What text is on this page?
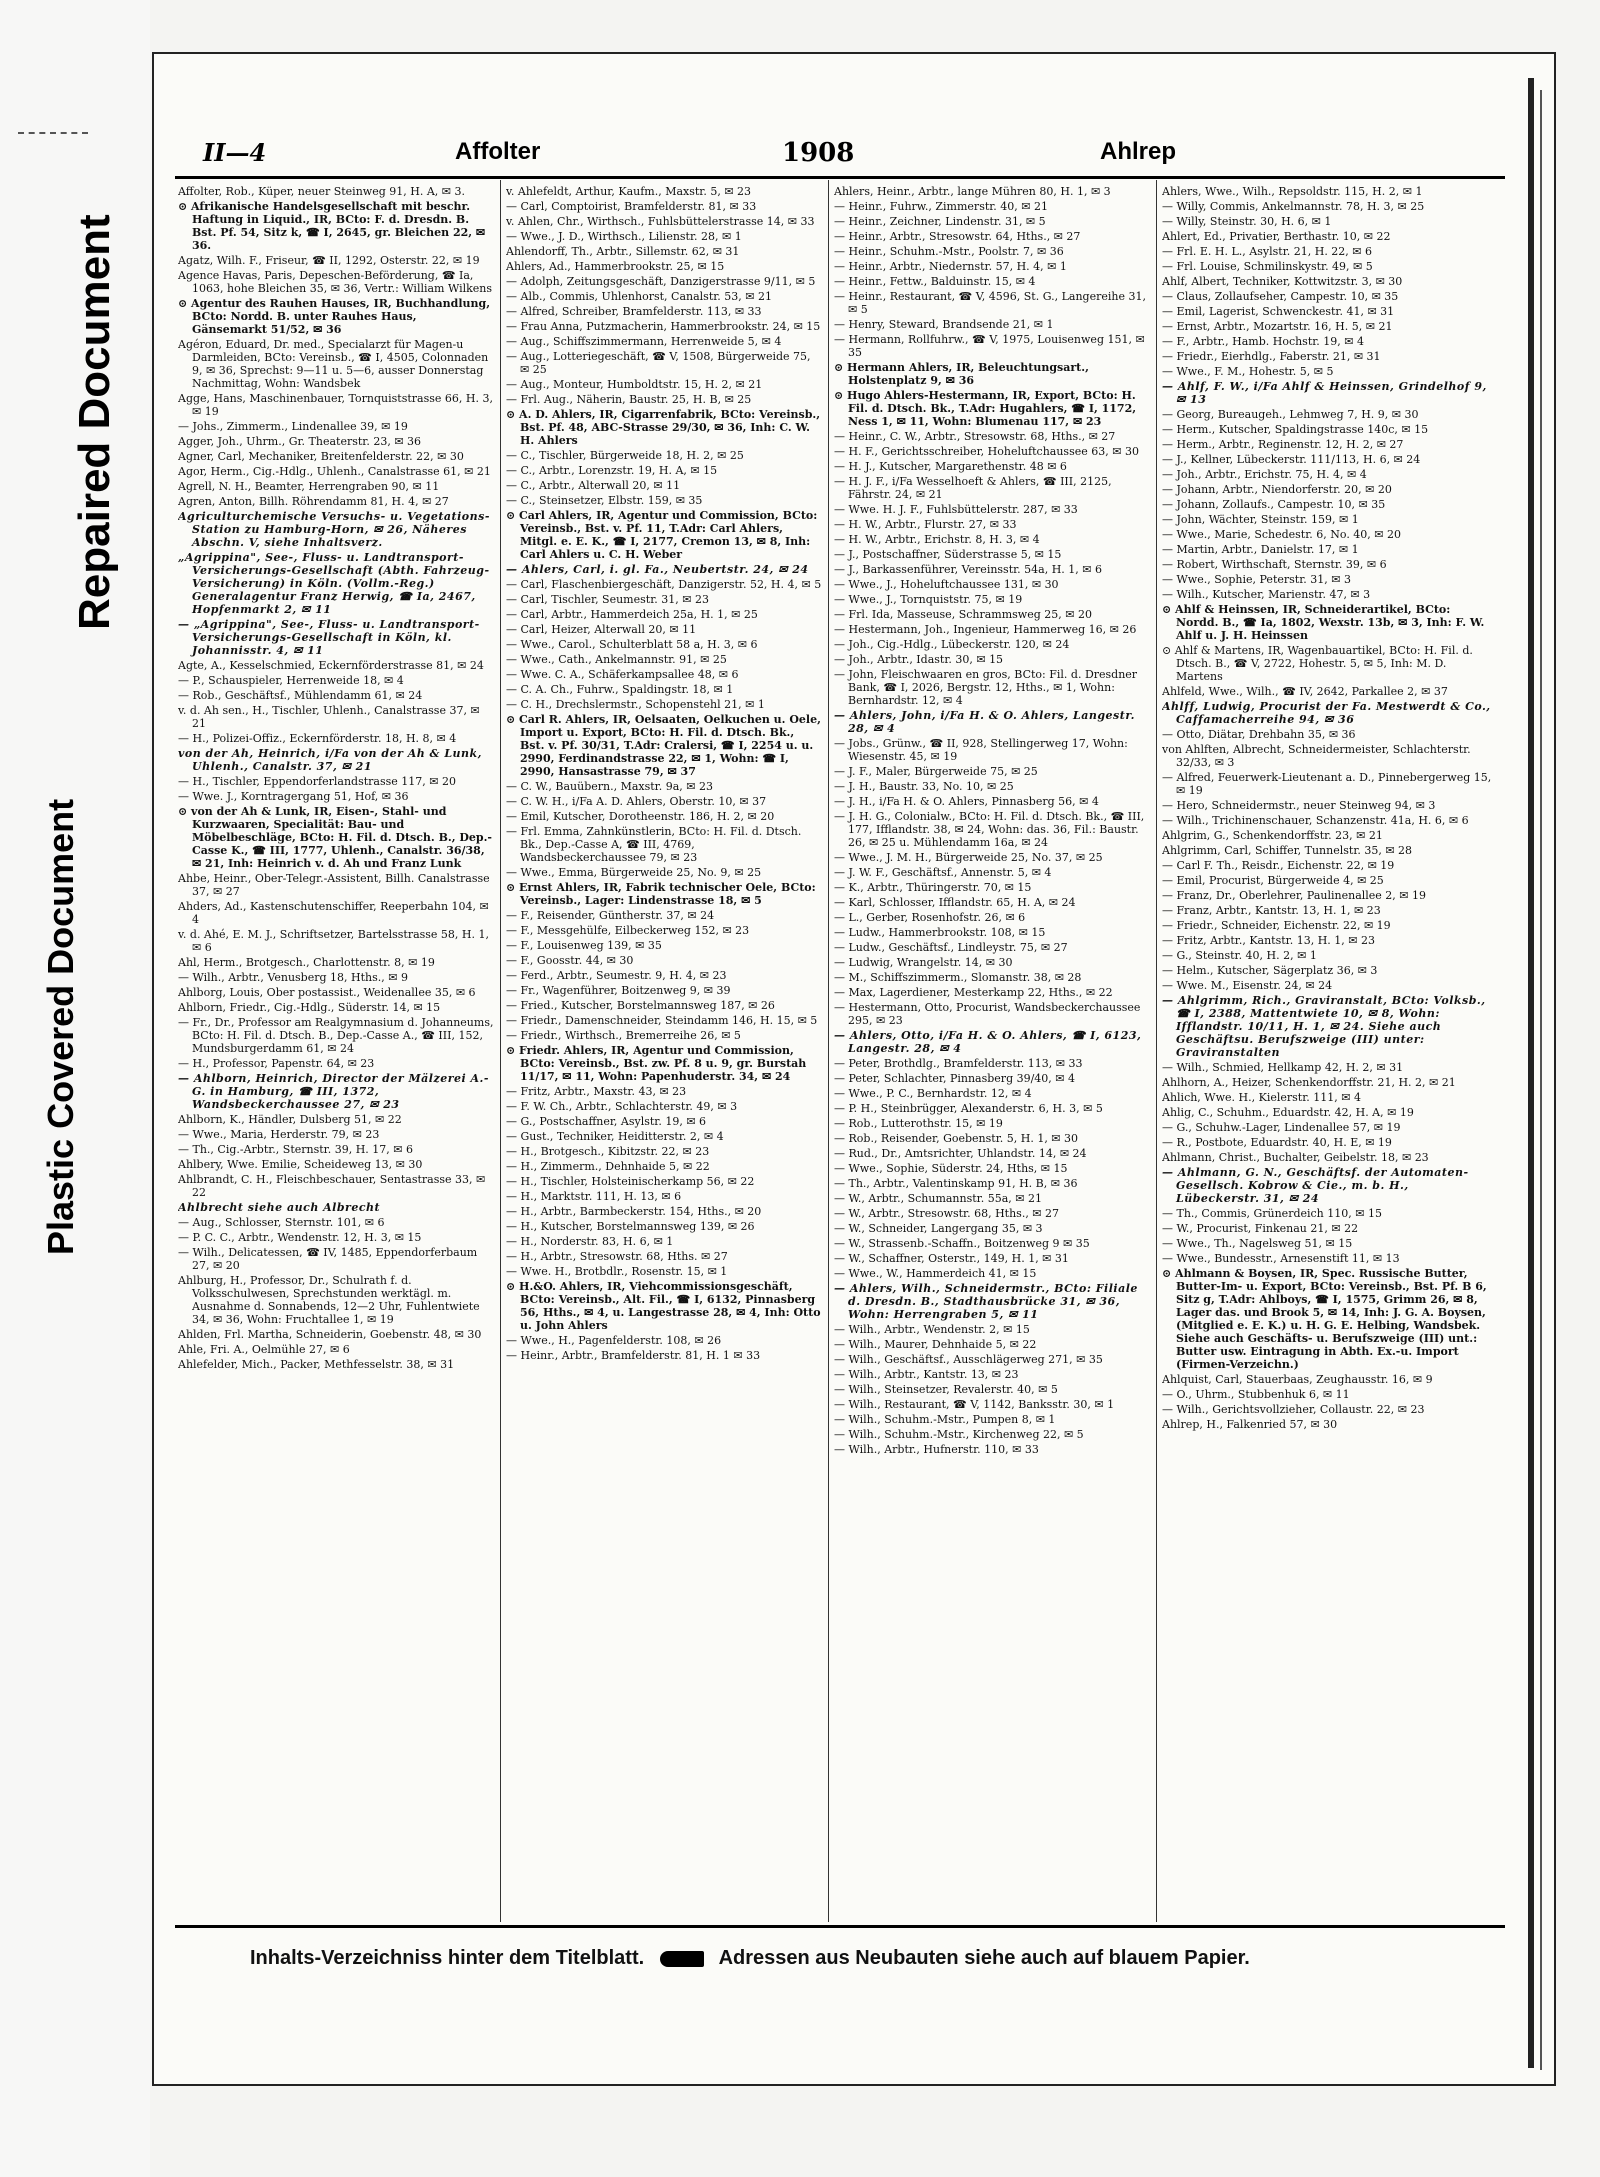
Repaired Document
Plastic Covered Document
II—4	Affolter	1908	Ahlrep
Affolter, Rob., Küper, neuer Steinweg 91, H. A, ✉ 3.
⊙ Afrikanische Handelsgesellschaft mit beschr. Haftung in Liquid., IR, BCto: F. d. Dresdn. B. Bst. Pf. 54, Sitz k, ☎ I, 2645, gr. Bleichen 22, ✉ 36.
Agatz, Wilh. F., Friseur, ☎ II, 1292, Osterstr. 22, ✉ 19
Agence Havas, Paris, Depeschen-Beförderung, ☎ Ia, 1063, hohe Bleichen 35, ✉ 36, Vertr.: William Wilkens
⊙ Agentur des Rauhen Hauses, IR, Buchhandlung, BCto: Nordd. B. unter Rauhes Haus, Gänsemarkt 51/52, ✉ 36
Agéron, Eduard, Dr. med., Specialarzt für Magen-u Darmleiden, BCto: Vereinsb., ☎ I, 4505, Colonnaden 9, ✉ 36, Sprechst: 9—11 u. 5—6, ausser Donnerstag Nachmittag, Wohn: Wandsbek
Agge, Hans, Maschinenbauer, Tornquiststrasse 66, H. 3, ✉ 19
— Johs., Zimmerm., Lindenallee 39, ✉ 19
Agger, Joh., Uhrm., Gr. Theaterstr. 23, ✉ 36
Agner, Carl, Mechaniker, Breitenfelderstr. 22, ✉ 30
Agor, Herm., Cig.-Hdlg., Uhlenh., Canalstrasse 61, ✉ 21
Agrell, N. H., Beamter, Herrengraben 90, ✉ 11
Agren, Anton, Billh. Röhrendamm 81, H. 4, ✉ 27
Agriculturchemische Versuchs- u. Vegetations-Station zu Hamburg-Horn, ✉ 26, Näheres Abschn. V, siehe Inhaltsverz.
„Agrippina", See-, Fluss- u. Landtransport-Versicherungs-Gesellschaft (Abth. Fahrzeug-Versicherung) in Köln. (Vollm.-Reg.) Generalagentur Franz Herwig, ☎ Ia, 2467, Hopfenmarkt 2, ✉ 11
— „Agrippina", See-, Fluss- u. Landtransport-Versicherungs-Gesellschaft in Köln, kl. Johannisstr. 4, ✉ 11
Agte, A., Kesselschmied, Eckernförderstrasse 81, ✉ 24
— P., Schauspieler, Herrenweide 18, ✉ 4
— Rob., Geschäftsf., Mühlendamm 61, ✉ 24
v. d. Ah sen., H., Tischler, Uhlenh., Canalstrasse 37, ✉ 21
— H., Polizei-Offiz., Eckernförderstr. 18, H. 8, ✉ 4
von der Ah, Heinrich, i/Fa von der Ah & Lunk, Uhlenh., Canalstr. 37, ✉ 21
— H., Tischler, Eppendorferlandstrasse 117, ✉ 20
— Wwe. J., Korntragergang 51, Hof, ✉ 36
⊙ von der Ah & Lunk, IR, Eisen-, Stahl- und Kurzwaaren, Specialität: Bau- und Möbelbeschläge, BCto: H. Fil. d. Dtsch. B., Dep.-Casse K., ☎ III, 1777, Uhlenh., Canalstr. 36/38, ✉ 21, Inh: Heinrich v. d. Ah und Franz Lunk
Ahbe, Heinr., Ober-Telegr.-Assistent, Billh. Canalstrasse 37, ✉ 27
Ahders, Ad., Kastenschutenschiffer, Reeperbahn 104, ✉ 4
v. d. Ahé, E. M. J., Schriftsetzer, Bartelsstrasse 58, H. 1, ✉ 6
Ahl, Herm., Brotgesch., Charlottenstr. 8, ✉ 19
— Wilh., Arbtr., Venusberg 18, Hths., ✉ 9
Ahlborg, Louis, Ober postassist., Weidenallee 35, ✉ 6
Ahlborn, Friedr., Cig.-Hdlg., Süderstr. 14, ✉ 15
— Fr., Dr., Professor am Realgymnasium d. Johanneums, BCto: H. Fil. d. Dtsch. B., Dep.-Casse A., ☎ III, 152, Mundsburgerdamm 61, ✉ 24
— H., Professor, Papenstr. 64, ✉ 23
— Ahlborn, Heinrich, Director der Mälzerei A.-G. in Hamburg, ☎ III, 1372, Wandsbeckerchaussee 27, ✉ 23
Ahlborn, K., Händler, Dulsberg 51, ✉ 22
— Wwe., Maria, Herderstr. 79, ✉ 23
— Th., Cig.-Arbtr., Sternstr. 39, H. 17, ✉ 6
Ahlbery, Wwe. Emilie, Scheideweg 13, ✉ 30
Ahlbrandt, C. H., Fleischbeschauer, Sentastrasse 33, ✉ 22
Ahlbrecht siehe auch Albrecht
— Aug., Schlosser, Sternstr. 101, ✉ 6
— P. C. C., Arbtr., Wendenstr. 12, H. 3, ✉ 15
— Wilh., Delicatessen, ☎ IV, 1485, Eppendorferbaum 27, ✉ 20
Ahlburg, H., Professor, Dr., Schulrath f. d. Volksschulwesen, Sprechstunden werktägl. m. Ausnahme d. Sonnabends, 12—2 Uhr, Fuhlentwiete 34, ✉ 36, Wohn: Fruchtallee 1, ✉ 19
Ahlden, Frl. Martha, Schneiderin, Goebenstr. 48, ✉ 30
Ahle, Fri. A., Oelmühle 27, ✉ 6
Ahlefelder, Mich., Packer, Methfesselstr. 38, ✉ 31
v. Ahlefeldt, Arthur, Kaufm., Maxstr. 5, ✉ 23
— Carl, Comptoirist, Bramfelderstr. 81, ✉ 33
v. Ahlen, Chr., Wirthsch., Fuhlsbüttelerstrasse 14, ✉ 33
— Wwe., J. D., Wirthsch., Lilienstr. 28, ✉ 1
Ahlendorff, Th., Arbtr., Sillemstr. 62, ✉ 31
Ahlers, Ad., Hammerbrookstr. 25, ✉ 15
— Adolph, Zeitungsgeschäft, Danzigerstrasse 9/11, ✉ 5
— Alb., Commis, Uhlenhorst, Canalstr. 53, ✉ 21
— Alfred, Schreiber, Bramfelderstr. 113, ✉ 33
— Frau Anna, Putzmacherin, Hammerbrookstr. 24, ✉ 15
— Aug., Schiffszimmermann, Herrenweide 5, ✉ 4
— Aug., Lotteriegeschäft, ☎ V, 1508, Bürgerweide 75, ✉ 25
— Aug., Monteur, Humboldtstr. 15, H. 2, ✉ 21
— Frl. Aug., Näherin, Baustr. 25, H. B, ✉ 25
⊙ A. D. Ahlers, IR, Cigarrenfabrik, BCto: Vereinsb., Bst. Pf. 48, ABC-Strasse 29/30, ✉ 36, Inh: C. W. H. Ahlers
— C., Tischler, Bürgerweide 18, H. 2, ✉ 25
— C., Arbtr., Lorenzstr. 19, H. A, ✉ 15
— C., Arbtr., Alterwall 20, ✉ 11
— C., Steinsetzer, Elbstr. 159, ✉ 35
⊙ Carl Ahlers, IR, Agentur und Commission, BCto: Vereinsb., Bst. v. Pf. 11, T.Adr: Carl Ahlers, Mitgl. e. E. K., ☎ I, 2177, Cremon 13, ✉ 8, Inh: Carl Ahlers u. C. H. Weber
— Ahlers, Carl, i. gl. Fa., Neubertstr. 24, ✉ 24
— Carl, Flaschenbiergeschäft, Danzigerstr. 52, H. 4, ✉ 5
— Carl, Tischler, Seumestr. 31, ✉ 23
— Carl, Arbtr., Hammerdeich 25a, H. 1, ✉ 25
— Carl, Heizer, Alterwall 20, ✉ 11
— Wwe., Carol., Schulterblatt 58 a, H. 3, ✉ 6
— Wwe., Cath., Ankelmannstr. 91, ✉ 25
— Wwe. C. A., Schäferkampsallee 48, ✉ 6
— C. A. Ch., Fuhrw., Spaldingstr. 18, ✉ 1
— C. H., Drechslermstr., Schopenstehl 21, ✉ 1
⊙ Carl R. Ahlers, IR, Oelsaaten, Oelkuchen u. Oele, Import u. Export, BCto: H. Fil. d. Dtsch. Bk., Bst. v. Pf. 30/31, T.Adr: Cralersi, ☎ I, 2254 u. u. 2990, Ferdinandstrasse 22, ✉ 1, Wohn: ☎ I, 2990, Hansastrasse 79, ✉ 37
— C. W., Bauübern., Maxstr. 9a, ✉ 23
— C. W. H., i/Fa A. D. Ahlers, Oberstr. 10, ✉ 37
— Emil, Kutscher, Dorotheenstr. 186, H. 2, ✉ 20
— Frl. Emma, Zahnkünstlerin, BCto: H. Fil. d. Dtsch. Bk., Dep.-Casse A, ☎ III, 4769, Wandsbeckerchaussee 79, ✉ 23
— Wwe., Emma, Bürgerweide 25, No. 9, ✉ 25
⊙ Ernst Ahlers, IR, Fabrik technischer Oele, BCto: Vereinsb., Lager: Lindenstrasse 18, ✉ 5
— F., Reisender, Güntherstr. 37, ✉ 24
— F., Messgehülfe, Eilbeckerweg 152, ✉ 23
— F., Louisenweg 139, ✉ 35
— F., Goosstr. 44, ✉ 30
— Ferd., Arbtr., Seumestr. 9, H. 4, ✉ 23
— Fr., Wagenführer, Boitzenweg 9, ✉ 39
— Fried., Kutscher, Borstelmannsweg 187, ✉ 26
— Friedr., Damenschneider, Steindamm 146, H. 15, ✉ 5
— Friedr., Wirthsch., Bremerreihe 26, ✉ 5
⊙ Friedr. Ahlers, IR, Agentur und Commission, BCto: Vereinsb., Bst. zw. Pf. 8 u. 9, gr. Burstah 11/17, ✉ 11, Wohn: Papenhuderstr. 34, ✉ 24
— Fritz, Arbtr., Maxstr. 43, ✉ 23
— F. W. Ch., Arbtr., Schlachterstr. 49, ✉ 3
— G., Postschaffner, Asylstr. 19, ✉ 6
— Gust., Techniker, Heiditterstr. 2, ✉ 4
— H., Brotgesch., Kibitzstr. 22, ✉ 23
— H., Zimmerm., Dehnhaide 5, ✉ 22
— H., Tischler, Holsteinischerkamp 56, ✉ 22
— H., Marktstr. 111, H. 13, ✉ 6
— H., Arbtr., Barmbeckerstr. 154, Hths., ✉ 20
— H., Kutscher, Borstelmannsweg 139, ✉ 26
— H., Norderstr. 83, H. 6, ✉ 1
— H., Arbtr., Stresowstr. 68, Hths. ✉ 27
— Wwe. H., Brotbdlr., Rosenstr. 15, ✉ 1
⊙ H.&O. Ahlers, IR, Viehcommissionsgeschäft, BCto: Vereinsb., Alt. Fil., ☎ I, 6132, Pinnasberg 56, Hths., ✉ 4, u. Langestrasse 28, ✉ 4, Inh: Otto u. John Ahlers
— Wwe., H., Pagenfelderstr. 108, ✉ 26
— Heinr., Arbtr., Bramfelderstr. 81, H. 1 ✉ 33
Ahlers, Heinr., Arbtr., lange Mühren 80, H. 1, ✉ 3
— Heinr., Fuhrw., Zimmerstr. 40, ✉ 21
— Heinr., Zeichner, Lindenstr. 31, ✉ 5
— Heinr., Arbtr., Stresowstr. 64, Hths., ✉ 27
— Heinr., Schuhm.-Mstr., Poolstr. 7, ✉ 36
— Heinr., Arbtr., Niedernstr. 57, H. 4, ✉ 1
— Heinr., Fettw., Balduinstr. 15, ✉ 4
— Heinr., Restaurant, ☎ V, 4596, St. G., Langereihe 31, ✉ 5
— Henry, Steward, Brandsende 21, ✉ 1
— Hermann, Rollfuhrw., ☎ V, 1975, Louisenweg 151, ✉ 35
⊙ Hermann Ahlers, IR, Beleuchtungsart., Holstenplatz 9, ✉ 36
⊙ Hugo Ahlers-Hestermann, IR, Export, BCto: H. Fil. d. Dtsch. Bk., T.Adr: Hugahlers, ☎ I, 1172, Ness 1, ✉ 11, Wohn: Blumenau 117, ✉ 23
— Heinr., C. W., Arbtr., Stresowstr. 68, Hths., ✉ 27
— H. F., Gerichtsschreiber, Hoheluftchaussee 63, ✉ 30
— H. J., Kutscher, Margarethenstr. 48 ✉ 6
— H. J. F., i/Fa Wesselhoeft & Ahlers, ☎ III, 2125, Fährstr. 24, ✉ 21
— Wwe. H. J. F., Fuhlsbüttelerstr. 287, ✉ 33
— H. W., Arbtr., Flurstr. 27, ✉ 33
— H. W., Arbtr., Erichstr. 8, H. 3, ✉ 4
— J., Postschaffner, Süderstrasse 5, ✉ 15
— J., Barkassenführer, Vereinsstr. 54a, H. 1, ✉ 6
— Wwe., J., Hoheluftchaussee 131, ✉ 30
— Wwe., J., Tornquiststr. 75, ✉ 19
— Frl. Ida, Masseuse, Schrammsweg 25, ✉ 20
— Hestermann, Joh., Ingenieur, Hammerweg 16, ✉ 26
— Joh., Cig.-Hdlg., Lübeckerstr. 120, ✉ 24
— Joh., Arbtr., Idastr. 30, ✉ 15
— John, Fleischwaaren en gros, BCto: Fil. d. Dresdner Bank, ☎ I, 2026, Bergstr. 12, Hths., ✉ 1, Wohn: Bernhardstr. 12, ✉ 4
— Ahlers, John, i/Fa H. & O. Ahlers, Langestr. 28, ✉ 4
— Jobs., Grünw., ☎ II, 928, Stellingerweg 17, Wohn: Wiesenstr. 45, ✉ 19
— J. F., Maler, Bürgerweide 75, ✉ 25
— J. H., Baustr. 33, No. 10, ✉ 25
— J. H., i/Fa H. & O. Ahlers, Pinnasberg 56, ✉ 4
— J. H. G., Colonialw., BCto: H. Fil. d. Dtsch. Bk., ☎ III, 177, Ifflandstr. 38, ✉ 24, Wohn: das. 36, Fil.: Baustr. 26, ✉ 25 u. Mühlendamm 16a, ✉ 24
— Wwe., J. M. H., Bürgerweide 25, No. 37, ✉ 25
— J. W. F., Geschäftsf., Annenstr. 5, ✉ 4
— K., Arbtr., Thüringerstr. 70, ✉ 15
— Karl, Schlosser, Ifflandstr. 65, H. A, ✉ 24
— L., Gerber, Rosenhofstr. 26, ✉ 6
— Ludw., Hammerbrookstr. 108, ✉ 15
— Ludw., Geschäftsf., Lindleystr. 75, ✉ 27
— Ludwig, Wrangelstr. 14, ✉ 30
— M., Schiffszimmerm., Slomanstr. 38, ✉ 28
— Max, Lagerdiener, Mesterkamp 22, Hths., ✉ 22
— Hestermann, Otto, Procurist, Wandsbeckerchaussee 295, ✉ 23
— Ahlers, Otto, i/Fa H. & O. Ahlers, ☎ I, 6123, Langestr. 28, ✉ 4
— Peter, Brothdlg., Bramfelderstr. 113, ✉ 33
— Peter, Schlachter, Pinnasberg 39/40, ✉ 4
— Wwe., P. C., Bernhardstr. 12, ✉ 4
— P. H., Steinbrügger, Alexanderstr. 6, H. 3, ✉ 5
— Rob., Lutterothstr. 15, ✉ 19
— Rob., Reisender, Goebenstr. 5, H. 1, ✉ 30
— Rud., Dr., Amtsrichter, Uhlandstr. 14, ✉ 24
— Wwe., Sophie, Süderstr. 24, Hths, ✉ 15
— Th., Arbtr., Valentinskamp 91, H. B, ✉ 36
— W., Arbtr., Schumannstr. 55a, ✉ 21
— W., Arbtr., Stresowstr. 68, Hths., ✉ 27
— W., Schneider, Langergang 35, ✉ 3
— W., Strassenb.-Schaffn., Boitzenweg 9 ✉ 35
— W., Schaffner, Osterstr., 149, H. 1, ✉ 31
— Wwe., W., Hammerdeich 41, ✉ 15
— Ahlers, Wilh., Schneidermstr., BCto: Filiale d. Dresdn. B., Stadthausbrücke 31, ✉ 36, Wohn: Herrengraben 5, ✉ 11
— Wilh., Arbtr., Wendenstr. 2, ✉ 15
— Wilh., Maurer, Dehnhaide 5, ✉ 22
— Wilh., Geschäftsf., Ausschlägerweg 271, ✉ 35
— Wilh., Arbtr., Kantstr. 13, ✉ 23
— Wilh., Steinsetzer, Revalerstr. 40, ✉ 5
— Wilh., Restaurant, ☎ V, 1142, Banksstr. 30, ✉ 1
— Wilh., Schuhm.-Mstr., Pumpen 8, ✉ 1
— Wilh., Schuhm.-Mstr., Kirchenweg 22, ✉ 5
— Wilh., Arbtr., Hufnerstr. 110, ✉ 33
Ahlers, Wwe., Wilh., Repsoldstr. 115, H. 2, ✉ 1
— Willy, Commis, Ankelmannstr. 78, H. 3, ✉ 25
— Willy, Steinstr. 30, H. 6, ✉ 1
Ahlert, Ed., Privatier, Berthastr. 10, ✉ 22
— Frl. E. H. L., Asylstr. 21, H. 22, ✉ 6
— Frl. Louise, Schmilinskystr. 49, ✉ 5
Ahlf, Albert, Techniker, Kottwitzstr. 3, ✉ 30
— Claus, Zollaufseher, Campestr. 10, ✉ 35
— Emil, Lagerist, Schwenckestr. 41, ✉ 31
— Ernst, Arbtr., Mozartstr. 16, H. 5, ✉ 21
— F., Arbtr., Hamb. Hochstr. 19, ✉ 4
— Friedr., Eierhdlg., Faberstr. 21, ✉ 31
— Wwe., F. M., Hohestr. 5, ✉ 5
— Ahlf, F. W., i/Fa Ahlf & Heinssen, Grindelhof 9, ✉ 13
— Georg, Bureaugeh., Lehmweg 7, H. 9, ✉ 30
— Herm., Kutscher, Spaldingstrasse 140c, ✉ 15
— Herm., Arbtr., Reginenstr. 12, H. 2, ✉ 27
— J., Kellner, Lübeckerstr. 111/113, H. 6, ✉ 24
— Joh., Arbtr., Erichstr. 75, H. 4, ✉ 4
— Johann, Arbtr., Niendorferstr. 20, ✉ 20
— Johann, Zollaufs., Campestr. 10, ✉ 35
— John, Wächter, Steinstr. 159, ✉ 1
— Wwe., Marie, Schedestr. 6, No. 40, ✉ 20
— Martin, Arbtr., Danielstr. 17, ✉ 1
— Robert, Wirthschaft, Sternstr. 39, ✉ 6
— Wwe., Sophie, Peterstr. 31, ✉ 3
— Wilh., Kutscher, Marienstr. 47, ✉ 3
⊙ Ahlf & Heinssen, IR, Schneiderartikel, BCto: Nordd. B., ☎ Ia, 1802, Wexstr. 13b, ✉ 3, Inh: F. W. Ahlf u. J. H. Heinssen
⊙ Ahlf & Martens, IR, Wagenbauartikel, BCto: H. Fil. d. Dtsch. B., ☎ V, 2722, Hohestr. 5, ✉ 5, Inh: M. D. Martens
Ahlfeld, Wwe., Wilh., ☎ IV, 2642, Parkallee 2, ✉ 37
Ahlff, Ludwig, Procurist der Fa. Mestwerdt & Co., Caffamacherreihe 94, ✉ 36
— Otto, Diätar, Drehbahn 35, ✉ 36
von Ahlften, Albrecht, Schneidermeister, Schlachterstr. 32/33, ✉ 3
— Alfred, Feuerwerk-Lieutenant a. D., Pinnebergerweg 15, ✉ 19
— Hero, Schneidermstr., neuer Steinweg 94, ✉ 3
— Wilh., Trichinenschauer, Schanzenstr. 41a, H. 6, ✉ 6
Ahlgrim, G., Schenkendorffstr. 23, ✉ 21
Ahlgrimm, Carl, Schiffer, Tunnelstr. 35, ✉ 28
— Carl F. Th., Reisdr., Eichenstr. 22, ✉ 19
— Emil, Procurist, Bürgerweide 4, ✉ 25
— Franz, Dr., Oberlehrer, Paulinenallee 2, ✉ 19
— Franz, Arbtr., Kantstr. 13, H. 1, ✉ 23
— Friedr., Schneider, Eichenstr. 22, ✉ 19
— Fritz, Arbtr., Kantstr. 13, H. 1, ✉ 23
— G., Steinstr. 40, H. 2, ✉ 1
— Helm., Kutscher, Sägerplatz 36, ✉ 3
— Wwe. M., Eisenstr. 24, ✉ 24
— Ahlgrimm, Rich., Graviranstalt, BCto: Volksb., ☎ I, 2388, Mattentwiete 10, ✉ 8, Wohn: Ifflandstr. 10/11, H. 1, ✉ 24. Siehe auch Geschäftsu. Berufszweige (III) unter: Graviranstalten
— Wilh., Schmied, Hellkamp 42, H. 2, ✉ 31
Ahlhorn, A., Heizer, Schenkendorffstr. 21, H. 2, ✉ 21
Ahlich, Wwe. H., Kielerstr. 111, ✉ 4
Ahlig, C., Schuhm., Eduardstr. 42, H. A, ✉ 19
— G., Schuhw.-Lager, Lindenallee 57, ✉ 19
— R., Postbote, Eduardstr. 40, H. E, ✉ 19
Ahlmann, Christ., Buchalter, Geibelstr. 18, ✉ 23
— Ahlmann, G. N., Geschäftsf. der Automaten-Gesellsch. Kobrow & Cie., m. b. H., Lübeckerstr. 31, ✉ 24
— Th., Commis, Grünerdeich 110, ✉ 15
— W., Procurist, Finkenau 21, ✉ 22
— Wwe., Th., Nagelsweg 51, ✉ 15
— Wwe., Bundesstr., Arnesenstift 11, ✉ 13
⊙ Ahlmann & Boysen, IR, Spec. Russische Butter, Butter-Im- u. Export, BCto: Vereinsb., Bst. Pf. B 6, Sitz g, T.Adr: Ahlboys, ☎ I, 1575, Grimm 26, ✉ 8, Lager das. und Brook 5, ✉ 14, Inh: J. G. A. Boysen, (Mitglied e. E. K.) u. H. G. E. Helbing, Wandsbek. Siehe auch Geschäfts- u. Berufszweige (III) unt.: Butter usw. Eintragung in Abth. Ex.-u. Import (Firmen-Verzeichn.)
Ahlquist, Carl, Stauerbaas, Zeughausstr. 16, ✉ 9
— O., Uhrm., Stubbenhuk 6, ✉ 11
— Wilh., Gerichtsvollzieher, Collaustr. 22, ✉ 23
Ahlrep, H., Falkenried 57, ✉ 30
Inhalts-Verzeichniss hinter dem Titelblatt.	Adressen aus Neubauten siehe auch auf blauem Papier.
